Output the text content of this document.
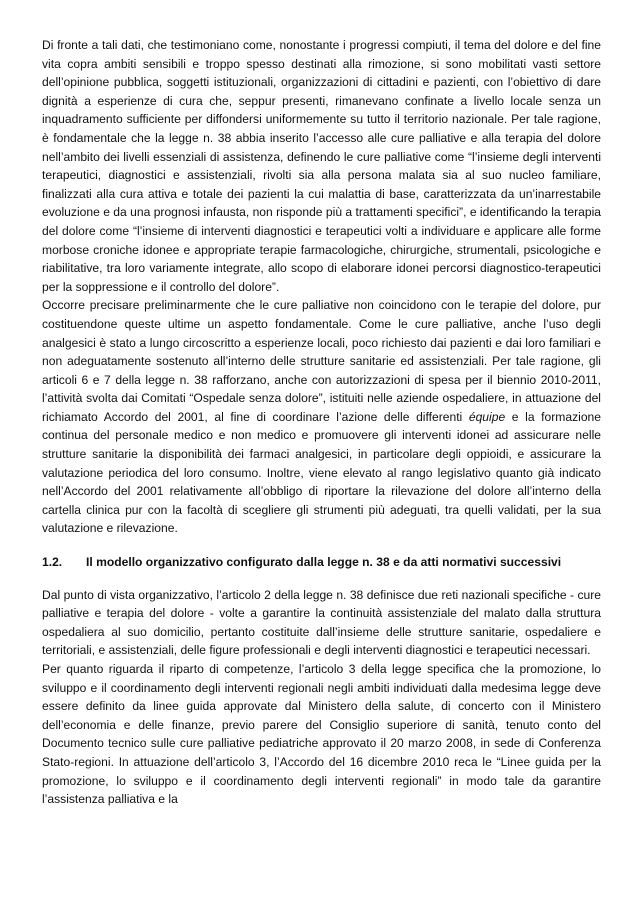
Di fronte a tali dati, che testimoniano come, nonostante i progressi compiuti, il tema del dolore e del fine vita copra ambiti sensibili e troppo spesso destinati alla rimozione, si sono mobilitati vasti settore dell’opinione pubblica, soggetti istituzionali, organizzazioni di cittadini e pazienti, con l’obiettivo di dare dignità a esperienze di cura che, seppur presenti, rimanevano confinate a livello locale senza un inquadramento sufficiente per diffondersi uniformemente su tutto il territorio nazionale. Per tale ragione, è fondamentale che la legge n. 38 abbia inserito l’accesso alle cure palliative e alla terapia del dolore nell’ambito dei livelli essenziali di assistenza, definendo le cure palliative come “l’insieme degli interventi terapeutici, diagnostici e assistenziali, rivolti sia alla persona malata sia al suo nucleo familiare, finalizzati alla cura attiva e totale dei pazienti la cui malattia di base, caratterizzata da un’inarrestabile evoluzione e da una prognosi infausta, non risponde più a trattamenti specifici”, e identificando la terapia del dolore come “l’insieme di interventi diagnostici e terapeutici volti a individuare e applicare alle forme morbose croniche idonee e appropriate terapie farmacologiche, chirurgiche, strumentali, psicologiche e riabilitative, tra loro variamente integrate, allo scopo di elaborare idonei percorsi diagnostico-terapeutici per la soppressione e il controllo del dolore”.

Occorre precisare preliminarmente che le cure palliative non coincidono con le terapie del dolore, pur costituendone queste ultime un aspetto fondamentale. Come le cure palliative, anche l’uso degli analgesici è stato a lungo circoscritto a esperienze locali, poco richiesto dai pazienti e dai loro familiari e non adeguatamente sostenuto all’interno delle strutture sanitarie ed assistenziali. Per tale ragione, gli articoli 6 e 7 della legge n. 38 rafforzano, anche con autorizzazioni di spesa per il biennio 2010-2011, l’attività svolta dai Comitati “Ospedale senza dolore”, istituiti nelle aziende ospedaliere, in attuazione del richiamato Accordo del 2001, al fine di coordinare l’azione delle differenti équipe e la formazione continua del personale medico e non medico e promuovere gli interventi idonei ad assicurare nelle strutture sanitarie la disponibilità dei farmaci analgesici, in particolare degli oppioidi, e assicurare la valutazione periodica del loro consumo. Inoltre, viene elevato al rango legislativo quanto già indicato nell’Accordo del 2001 relativamente all’obbligo di riportare la rilevazione del dolore all’interno della cartella clinica pur con la facoltà di scegliere gli strumenti più adeguati, tra quelli validati, per la sua valutazione e rilevazione.

1.2.	Il modello organizzativo configurato dalla legge n. 38 e da atti normativi successivi

Dal punto di vista organizzativo, l’articolo 2 della legge n. 38 definisce due reti nazionali specifiche - cure palliative e terapia del dolore - volte a garantire la continuità assistenziale del malato dalla struttura ospedaliera al suo domicilio, pertanto costituite dall’insieme delle strutture sanitarie, ospedaliere e territoriali, e assistenziali, delle figure professionali e degli interventi diagnostici e terapeutici necessari.

Per quanto riguarda il riparto di competenze, l’articolo 3 della legge specifica che la promozione, lo sviluppo e il coordinamento degli interventi regionali negli ambiti individuati dalla medesima legge deve essere definito da linee guida approvate dal Ministero della salute, di concerto con il Ministero dell’economia e delle finanze, previo parere del Consiglio superiore di sanità, tenuto conto del Documento tecnico sulle cure palliative pediatriche approvato il 20 marzo 2008, in sede di Conferenza Stato-regioni. In attuazione dell’articolo 3, l’Accordo del 16 dicembre 2010 reca le “Linee guida per la promozione, lo sviluppo e il coordinamento degli interventi regionali” in modo tale da garantire l’assistenza palliativa e la
